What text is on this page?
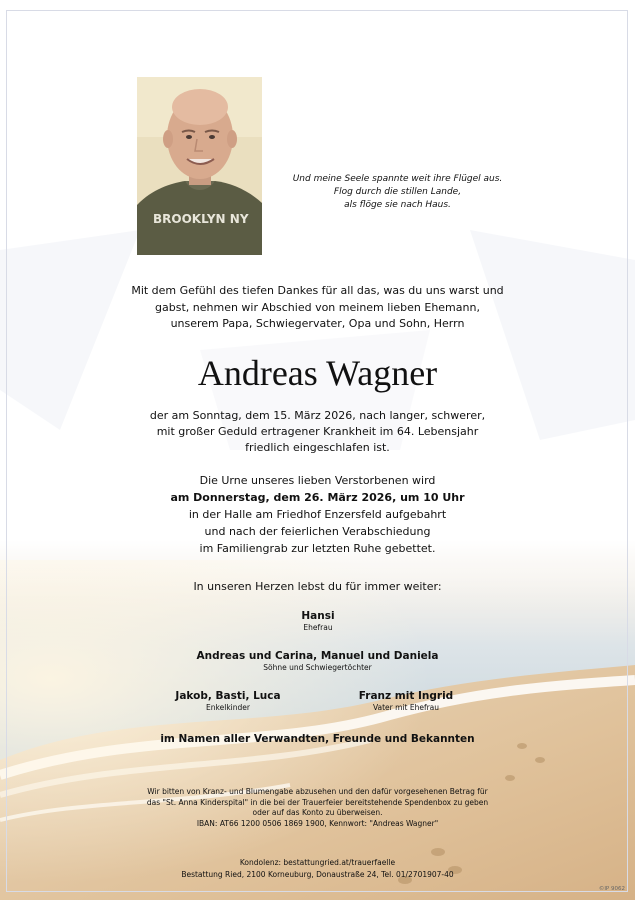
BROOKLYN NY
Und meine Seele spannte weit ihre Flügel aus.
Flog durch die stillen Lande,
als flöge sie nach Haus.
Mit dem Gefühl des tiefen Dankes für all das, was du uns warst und
gabst, nehmen wir Abschied von meinem lieben Ehemann,
unserem Papa, Schwiegervater, Opa und Sohn, Herrn
Andreas Wagner
der am Sonntag, dem 15. März 2026, nach langer, schwerer,
mit großer Geduld ertragener Krankheit im 64. Lebensjahr
friedlich eingeschlafen ist.
Die Urne unseres lieben Verstorbenen wird
am Donnerstag, dem 26. März 2026, um 10 Uhr
in der Halle am Friedhof Enzersfeld aufgebahrt
und nach der feierlichen Verabschiedung
im Familiengrab zur letzten Ruhe gebettet.
In unseren Herzen lebst du für immer weiter:
Hansi
Ehefrau
Andreas und Carina, Manuel und Daniela
Söhne und Schwiegertöchter
Jakob, Basti, Luca
Enkelkinder
Franz mit Ingrid
Vater mit Ehefrau
im Namen aller Verwandten, Freunde und Bekannten
Wir bitten von Kranz- und Blumengabe abzusehen und den dafür vorgesehenen Betrag für
das "St. Anna Kinderspital" in die bei der Trauerfeier bereitstehende Spendenbox zu geben
oder auf das Konto zu überweisen.
IBAN: AT66 1200 0506 1869 1900, Kennwort: "Andreas Wagner"
Kondolenz: bestattungried.at/trauerfaelle
Bestattung Ried, 2100 Korneuburg, Donaustraße 24, Tel. 01/2701907-40
©IP 9062
